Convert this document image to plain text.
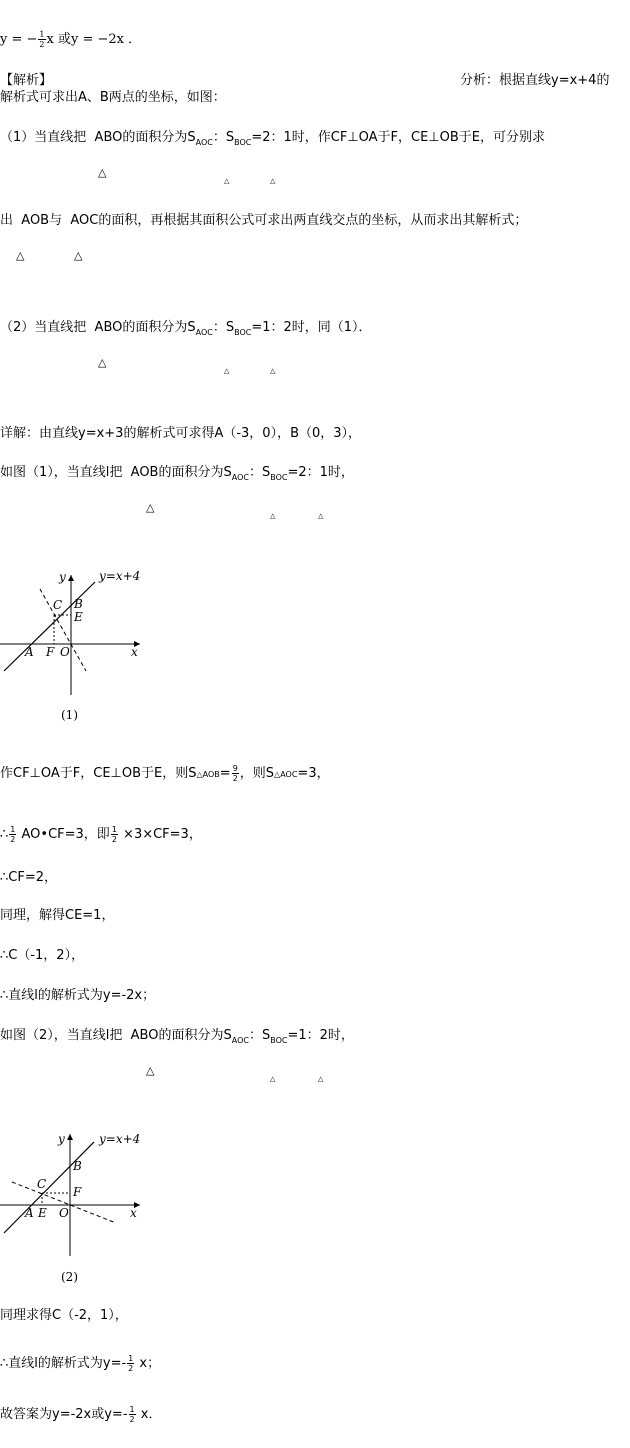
y = − $\frac{1}{2}$ x 或y = −2x ．
【解析】	分析：根据直线y=x+4的
解析式可求出A、B两点的坐标，如图：
（1）当直线把 ABO的面积分为$S_{AOC}$：$S_{BOC}=2$：1时，作CF⊥OA于F，CE⊥OB于E，可分别求
△
△	△
出 AOB与 AOC的面积，再根据其面积公式可求出两直线交点的坐标，从而求出其解析式；
△	△
（2）当直线把 ABO的面积分为$S_{AOC}$：$S_{BOC}=1$：2时，同（1）．
△
△	△
详解：由直线y=x+3的解析式可求得A（-3，0），B（0，3），
如图（1），当直线l把 AOB的面积分为$S_{AOC}$：$S_{BOC}=2$：1时，
△
△	△
y=x+4
y
x
B
C
E
A F O
(1)
作CF⊥OA于F，CE⊥OB于E，则S△AOB= $\frac{9}{2}$ ，则S△AOC=3，
∴ $\frac{1}{2}$ AO•CF=3，即 $\frac{1}{2} \times 3\times CF=3$，
∴CF=2，
同理，解得CE=1，
∴C（-1，2），
∴直线l的解析式为y=-2x；
如图（2），当直线l把 ABO的面积分为$S_{AOC}$：$S_{BOC}=1$：2时，
△
△	△
y=x+4
y
x
B
C
F
A E O
(2)
同理求得C（-2，1），
∴直线l的解析式为$y=- \frac{1}{2}$ x；
故答案为y=-2x或$y=- \frac{1}{2}$ x．
